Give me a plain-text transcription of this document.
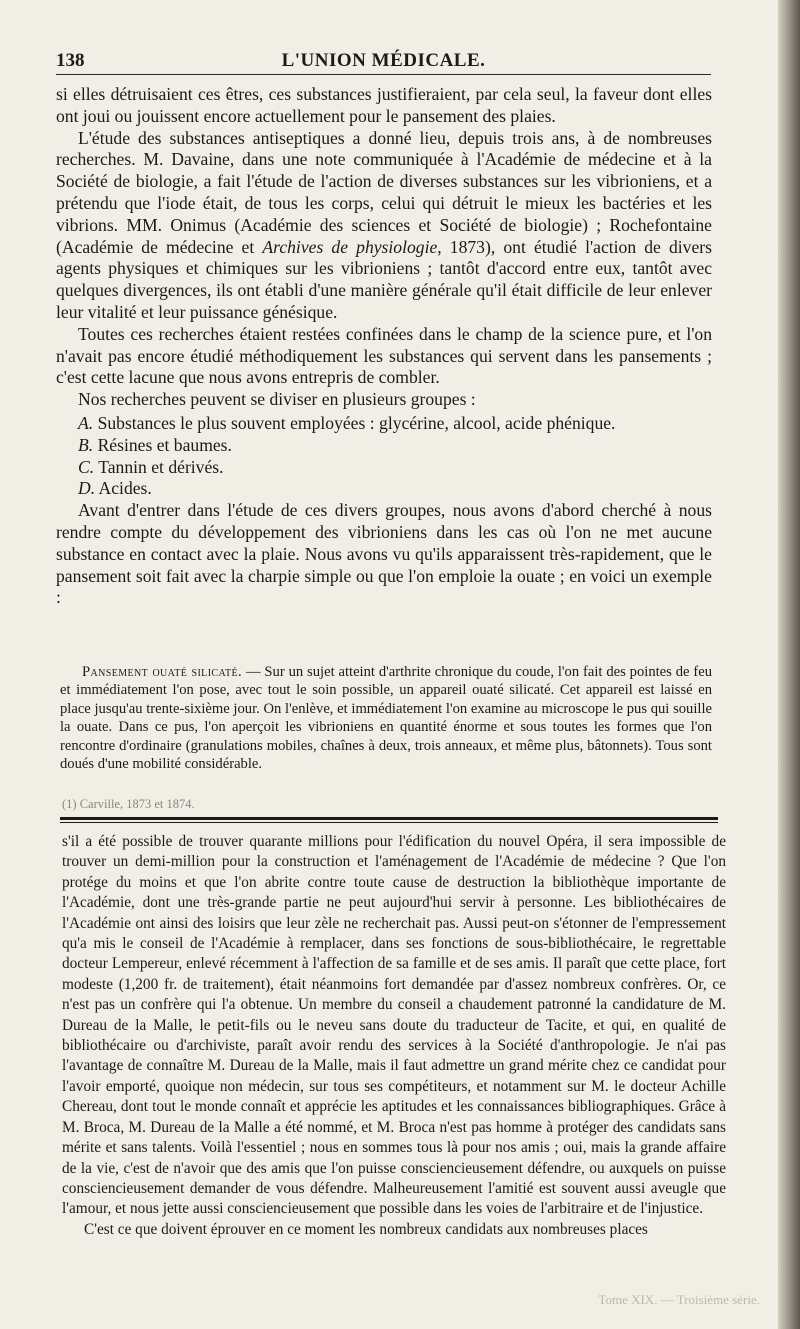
138	L'UNION MÉDICALE.

si elles détruisaient ces êtres, ces substances justifieraient, par cela seul, la faveur dont elles ont joui ou jouissent encore actuellement pour le pansement des plaies.

L'étude des substances antiseptiques a donné lieu, depuis trois ans, à de nombreuses recherches. M. Davaine, dans une note communiquée à l'Académie de médecine et à la Société de biologie, a fait l'étude de l'action de diverses substances sur les vibrioniens, et a prétendu que l'iode était, de tous les corps, celui qui détruit le mieux les bactéries et les vibrions. MM. Onimus (Académie des sciences et Société de biologie) ; Rochefontaine (Académie de médecine et Archives de physiologie, 1873), ont étudié l'action de divers agents physiques et chimiques sur les vibrioniens ; tantôt d'accord entre eux, tantôt avec quelques divergences, ils ont établi d'une manière générale qu'il était difficile de leur enlever leur vitalité et leur puissance génésique.

Toutes ces recherches étaient restées confinées dans le champ de la science pure, et l'on n'avait pas encore étudié méthodiquement les substances qui servent dans les pansements ; c'est cette lacune que nous avons entrepris de combler.

Nos recherches peuvent se diviser en plusieurs groupes :

A. Substances le plus souvent employées : glycérine, alcool, acide phénique.
B. Résines et baumes.
C. Tannin et dérivés.
D. Acides.

Avant d'entrer dans l'étude de ces divers groupes, nous avons d'abord cherché à nous rendre compte du développement des vibrioniens dans les cas où l'on ne met aucune substance en contact avec la plaie. Nous avons vu qu'ils apparaissent très-rapidement, que le pansement soit fait avec la charpie simple ou que l'on emploie la ouate ; en voici un exemple :

Pansement ouaté silicaté. — Sur un sujet atteint d'arthrite chronique du coude, l'on fait des pointes de feu et immédiatement l'on pose, avec tout le soin possible, un appareil ouaté silicaté. Cet appareil est laissé en place jusqu'au trente-sixième jour. On l'enlève, et immédiatement l'on examine au microscope le pus qui souille la ouate. Dans ce pus, l'on aperçoit les vibrioniens en quantité énorme et sous toutes les formes que l'on rencontre d'ordinaire (granulations mobiles, chaînes à deux, trois anneaux, et même plus, bâtonnets). Tous sont doués d'une mobilité considérable.

(1) Carville, 1873 et 1874.

s'il a été possible de trouver quarante millions pour l'édification du nouvel Opéra, il sera impossible de trouver un demi-million pour la construction et l'aménagement de l'Académie de médecine ? Que l'on protége du moins et que l'on abrite contre toute cause de destruction la bibliothèque importante de l'Académie, dont une très-grande partie ne peut aujourd'hui servir à personne. Les bibliothécaires de l'Académie ont ainsi des loisirs que leur zèle ne recherchait pas. Aussi peut-on s'étonner de l'empressement qu'a mis le conseil de l'Académie à remplacer, dans ses fonctions de sous-bibliothécaire, le regrettable docteur Lempereur, enlevé récemment à l'affection de sa famille et de ses amis. Il paraît que cette place, fort modeste (1,200 fr. de traitement), était néanmoins fort demandée par d'assez nombreux confrères. Or, ce n'est pas un confrère qui l'a obtenue. Un membre du conseil a chaudement patronné la candidature de M. Dureau de la Malle, le petit-fils ou le neveu sans doute du traducteur de Tacite, et qui, en qualité de bibliothécaire ou d'archiviste, paraît avoir rendu des services à la Société d'anthropologie. Je n'ai pas l'avantage de connaître M. Dureau de la Malle, mais il faut admettre un grand mérite chez ce candidat pour l'avoir emporté, quoique non médecin, sur tous ses compétiteurs, et notamment sur M. le docteur Achille Chereau, dont tout le monde connaît et apprécie les aptitudes et les connaissances bibliographiques. Grâce à M. Broca, M. Dureau de la Malle a été nommé, et M. Broca n'est pas homme à protéger des candidats sans mérite et sans talents. Voilà l'essentiel ; nous en sommes tous là pour nos amis ; oui, mais la grande affaire de la vie, c'est de n'avoir que des amis que l'on puisse consciencieusement défendre, ou auxquels on puisse consciencieusement demander de vous défendre. Malheureusement l'amitié est souvent aussi aveugle que l'amour, et nous jette aussi consciencieusement que possible dans les voies de l'arbitraire et de l'injustice.

C'est ce que doivent éprouver en ce moment les nombreux candidats aux nombreuses places

Tome XIX. — Troisième série.
